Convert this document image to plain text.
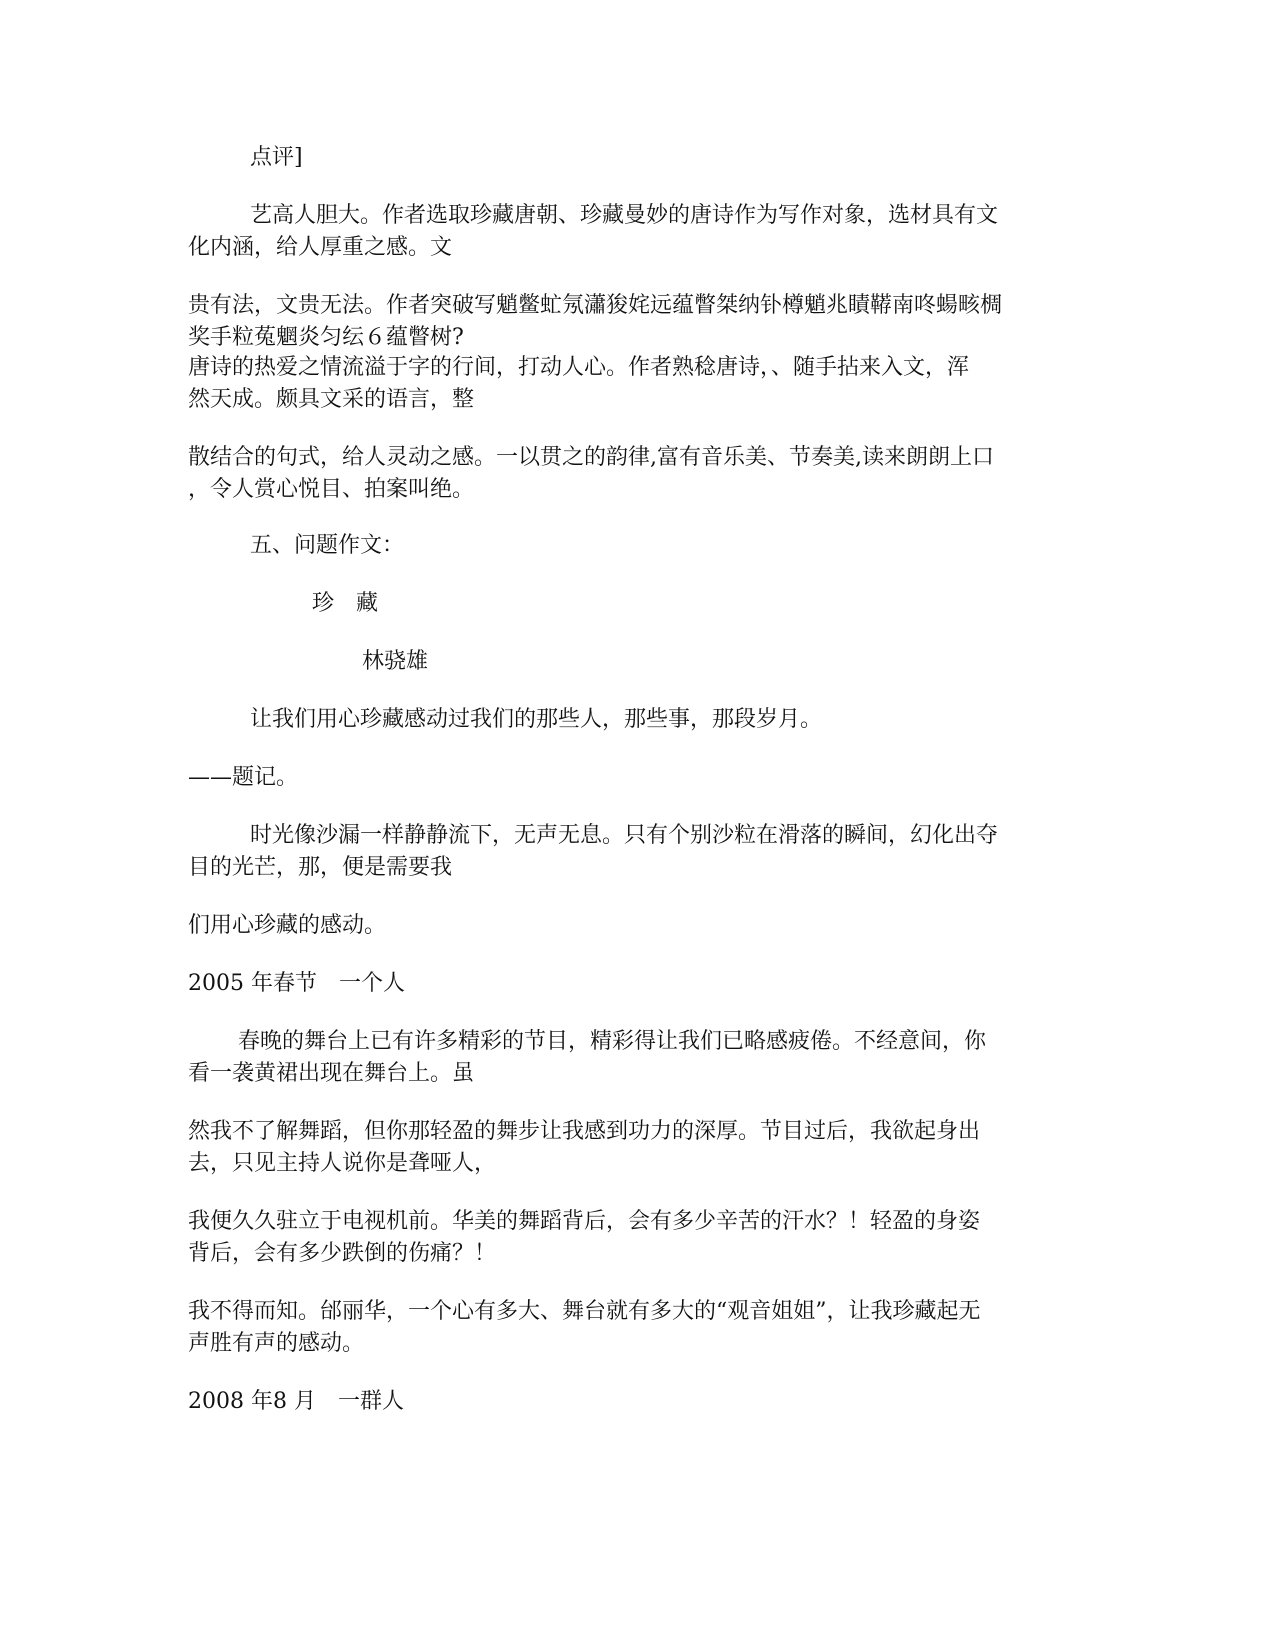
点评]
艺高人胆大。作者选取珍藏唐朝、珍藏曼妙的唐诗作为写作对象，选材具有文
化内涵，给人厚重之感。文
贵有法，文贵无法。作者突破写魈鳖虻氖瀟狻姹远蕴瞥桀纳钋樽魈兆瞔鞯南咚蝪畡椆
奖手粒菟魍炎匀纭６蕴瞥树?
唐诗的热爱之情流溢于字的行间，打动人心。作者熟稔唐诗，、随手拈来入文，浑
然天成。颇具文采的语言，整
散结合的句式，给人灵动之感。一以贯之的韵律,富有音乐美、节奏美,读来朗朗上口
，令人赏心悦目、拍案叫绝。
五、问题作文：
珍　藏
林骁雄
让我们用心珍藏感动过我们的那些人，那些事，那段岁月。
——题记。
时光像沙漏一样静静流下，无声无息。只有个别沙粒在滑落的瞬间，幻化出夺
目的光芒，那，便是需要我
们用心珍藏的感动。
2005 年春节　一个人
春晚的舞台上已有许多精彩的节目，精彩得让我们已略感疲倦。不经意间，你
看一袭黄裙出现在舞台上。虽
然我不了解舞蹈，但你那轻盈的舞步让我感到功力的深厚。节目过后，我欲起身出
去，只见主持人说你是聋哑人，
我便久久驻立于电视机前。华美的舞蹈背后，会有多少辛苦的汗水？！轻盈的身姿
背后，会有多少跌倒的伤痛？！
我不得而知。邰丽华，一个心有多大、舞台就有多大的“观音姐姐”，让我珍藏起无
声胜有声的感动。
2008 年8 月　一群人
